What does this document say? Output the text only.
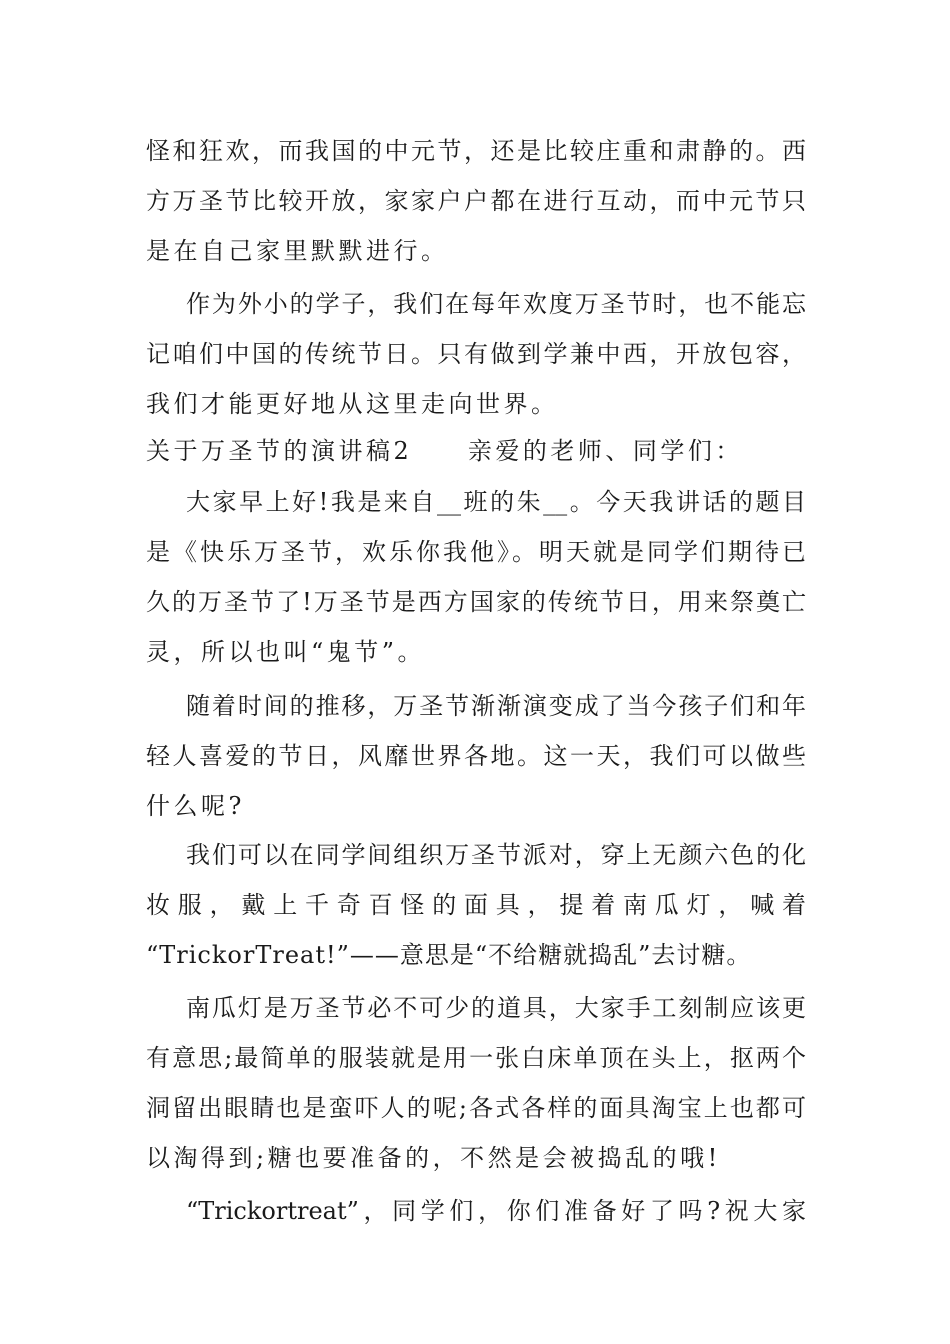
怪和狂欢，而我国的中元节，还是比较庄重和肃静的。西
方万圣节比较开放，家家户户都在进行互动，而中元节只
是在自己家里默默进行。
作为外小的学子，我们在每年欢度万圣节时，也不能忘
记咱们中国的传统节日。只有做到学兼中西，开放包容，
我们才能更好地从这里走向世界。
关于万圣节的演讲稿2     亲爱的老师、同学们：
大家早上好!我是来自__班的朱__。今天我讲话的题目
是《快乐万圣节，欢乐你我他》。明天就是同学们期待已
久的万圣节了!万圣节是西方国家的传统节日，用来祭奠亡
灵，所以也叫“鬼节”。
随着时间的推移，万圣节渐渐演变成了当今孩子们和年
轻人喜爱的节日，风靡世界各地。这一天，我们可以做些
什么呢?
我们可以在同学间组织万圣节派对，穿上无颜六色的化
妆服，戴上千奇百怪的面具，提着南瓜灯，喊着
“TrickorTreat!”——意思是“不给糖就捣乱”去讨糖。
南瓜灯是万圣节必不可少的道具，大家手工刻制应该更
有意思;最简单的服装就是用一张白床单顶在头上，抠两个
洞留出眼睛也是蛮吓人的呢;各式各样的面具淘宝上也都可
以淘得到;糖也要准备的，不然是会被捣乱的哦!
“Trickortreat”，同学们，你们准备好了吗?祝大家
